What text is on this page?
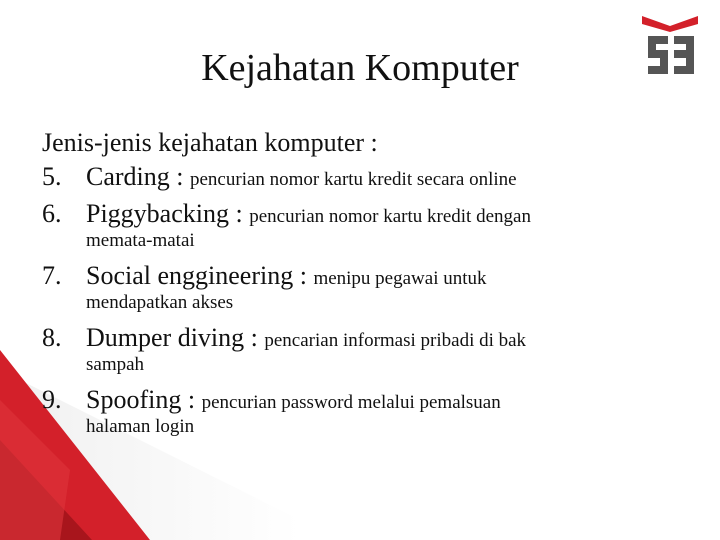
Kejahatan Komputer

Jenis-jenis kejahatan komputer :

5. Carding : pencurian nomor kartu kredit secara online
6. Piggybacking : pencurian nomor kartu kredit dengan
memata-matai
7. Social enggineering : menipu pegawai untuk
mendapatkan akses
8. Dumper diving : pencarian informasi pribadi di bak
sampah
9. Spoofing : pencurian password melalui pemalsuan
halaman login
